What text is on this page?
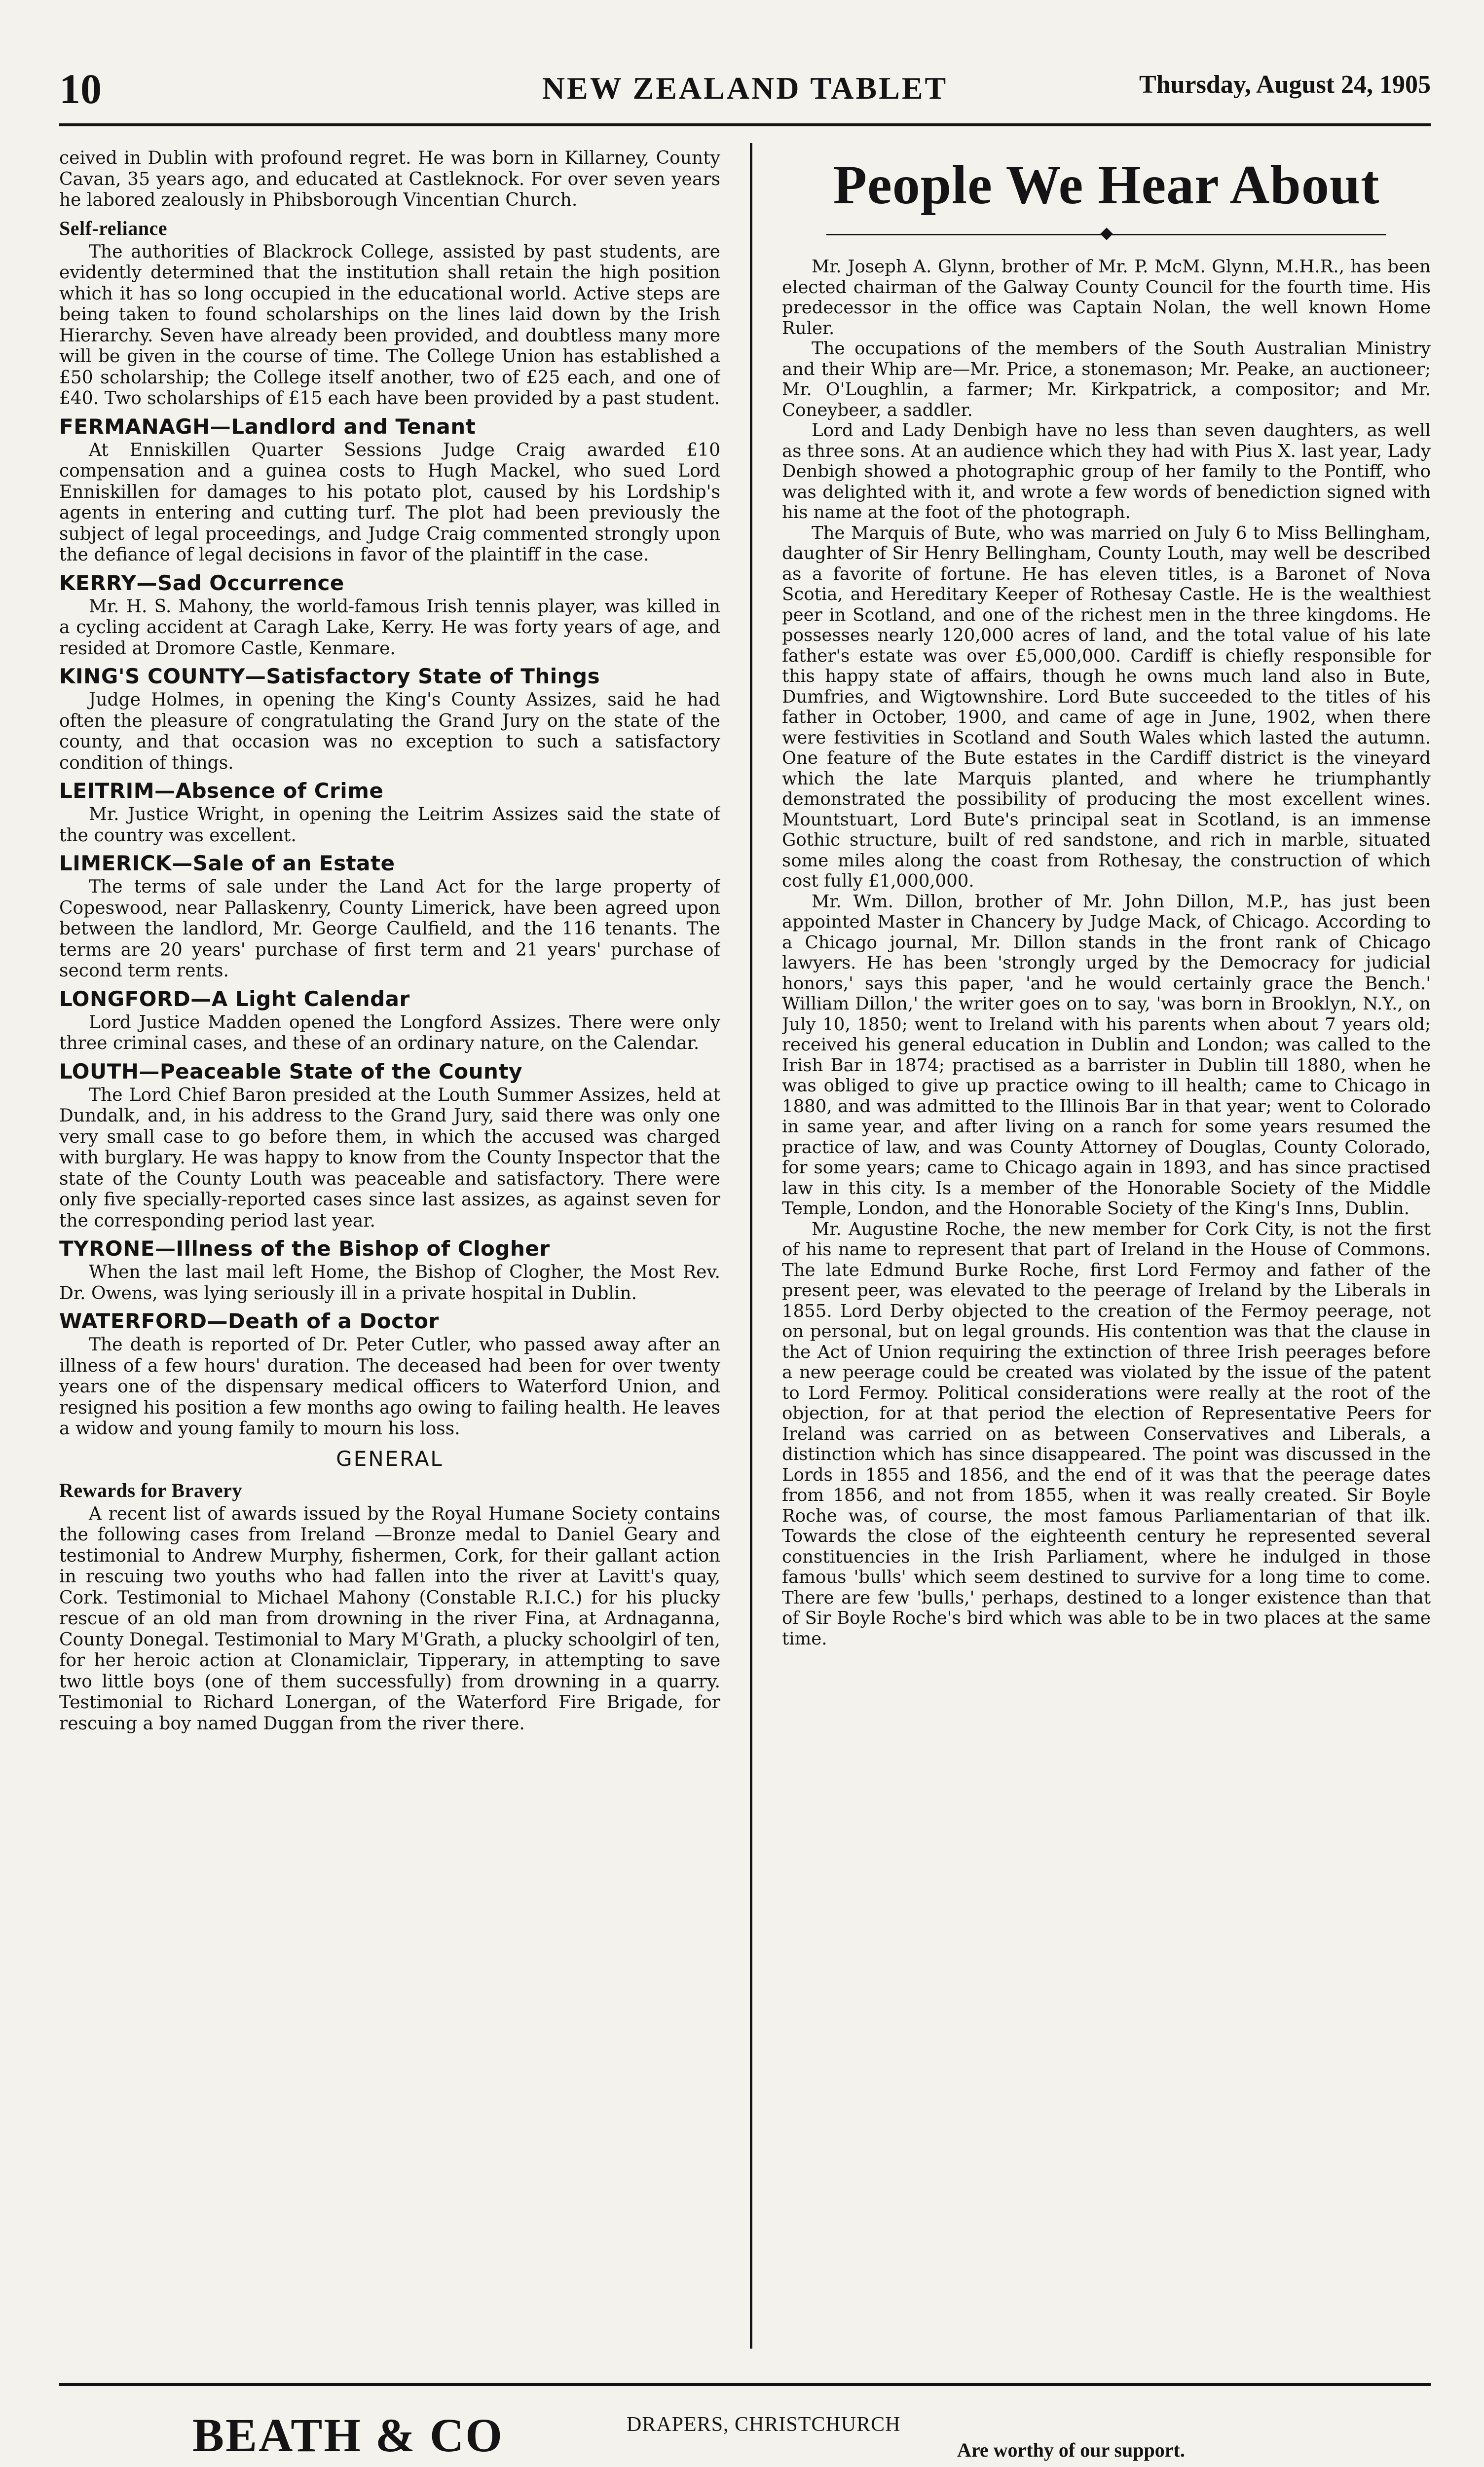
10	NEW ZEALAND TABLET	Thursday, August 24, 1905

ceived in Dublin with profound regret. He was born in Killarney, County Cavan, 35 years ago, and educated at Castleknock. For over seven years he labored zealously in Phibsborough Vincentian Church.

Self-reliance

The authorities of Blackrock College, assisted by past students, are evidently determined that the institution shall retain the high position which it has so long occupied in the educational world. Active steps are being taken to found scholarships on the lines laid down by the Irish Hierarchy. Seven have already been provided, and doubtless many more will be given in the course of time. The College Union has established a £50 scholarship; the College itself another, two of £25 each, and one of £40. Two scholarships of £15 each have been provided by a past student.

FERMANAGH—Landlord and Tenant

At Enniskillen Quarter Sessions Judge Craig awarded £10 compensation and a guinea costs to Hugh Mackel, who sued Lord Enniskillen for damages to his potato plot, caused by his Lordship's agents in entering and cutting turf. The plot had been previously the subject of legal proceedings, and Judge Craig commented strongly upon the defiance of legal decisions in favor of the plaintiff in the case.

KERRY—Sad Occurrence

Mr. H. S. Mahony, the world-famous Irish tennis player, was killed in a cycling accident at Caragh Lake, Kerry. He was forty years of age, and resided at Dromore Castle, Kenmare.

KING'S COUNTY—Satisfactory State of Things

Judge Holmes, in opening the King's County Assizes, said he had often the pleasure of congratulating the Grand Jury on the state of the county, and that occasion was no exception to such a satisfactory condition of things.

LEITRIM—Absence of Crime

Mr. Justice Wright, in opening the Leitrim Assizes said the state of the country was excellent.

LIMERICK—Sale of an Estate

The terms of sale under the Land Act for the large property of Copeswood, near Pallaskenry, County Limerick, have been agreed upon between the landlord, Mr. George Caulfield, and the 116 tenants. The terms are 20 years' purchase of first term and 21 years' purchase of second term rents.

LONGFORD—A Light Calendar

Lord Justice Madden opened the Longford Assizes. There were only three criminal cases, and these of an ordinary nature, on the Calendar.

LOUTH—Peaceable State of the County

The Lord Chief Baron presided at the Louth Summer Assizes, held at Dundalk, and, in his address to the Grand Jury, said there was only one very small case to go before them, in which the accused was charged with burglary. He was happy to know from the County Inspector that the state of the County Louth was peaceable and satisfactory. There were only five specially-reported cases since last assizes, as against seven for the corresponding period last year.

TYRONE—Illness of the Bishop of Clogher

When the last mail left Home, the Bishop of Clogher, the Most Rev. Dr. Owens, was lying seriously ill in a private hospital in Dublin.

WATERFORD—Death of a Doctor

The death is reported of Dr. Peter Cutler, who passed away after an illness of a few hours' duration. The deceased had been for over twenty years one of the dispensary medical officers to Waterford Union, and resigned his position a few months ago owing to failing health. He leaves a widow and young family to mourn his loss.

GENERAL
Rewards for Bravery

A recent list of awards issued by the Royal Humane Society contains the following cases from Ireland —Bronze medal to Daniel Geary and testimonial to Andrew Murphy, fishermen, Cork, for their gallant action in rescuing two youths who had fallen into the river at Lavitt's quay, Cork. Testimonial to Michael Mahony (Constable R.I.C.) for his plucky rescue of an old man from drowning in the river Fina, at Ardnaganna, County Donegal. Testimonial to Mary M'Grath, a plucky schoolgirl of ten, for her heroic action at Clonamiclair, Tipperary, in attempting to save two little boys (one of them successfully) from drowning in a quarry. Testimonial to Richard Lonergan, of the Waterford Fire Brigade, for rescuing a boy named Duggan from the river there.

People We Hear About

Mr. Joseph A. Glynn, brother of Mr. P. McM. Glynn, M.H.R., has been elected chairman of the Galway County Council for the fourth time. His predecessor in the office was Captain Nolan, the well known Home Ruler.

The occupations of the members of the South Australian Ministry and their Whip are—Mr. Price, a stonemason; Mr. Peake, an auctioneer; Mr. O'Loughlin, a farmer; Mr. Kirkpatrick, a compositor; and Mr. Coneybeer, a saddler.

Lord and Lady Denbigh have no less than seven daughters, as well as three sons. At an audience which they had with Pius X. last year, Lady Denbigh showed a photographic group of her family to the Pontiff, who was delighted with it, and wrote a few words of benediction signed with his name at the foot of the photograph.

The Marquis of Bute, who was married on July 6 to Miss Bellingham, daughter of Sir Henry Bellingham, County Louth, may well be described as a favorite of fortune. He has eleven titles, is a Baronet of Nova Scotia, and Hereditary Keeper of Rothesay Castle. He is the wealthiest peer in Scotland, and one of the richest men in the three kingdoms. He possesses nearly 120,000 acres of land, and the total value of his late father's estate was over £5,000,000. Cardiff is chiefly responsible for this happy state of affairs, though he owns much land also in Bute, Dumfries, and Wigtownshire. Lord Bute succeeded to the titles of his father in October, 1900, and came of age in June, 1902, when there were festivities in Scotland and South Wales which lasted the autumn. One feature of the Bute estates in the Cardiff district is the vineyard which the late Marquis planted, and where he triumphantly demonstrated the possibility of producing the most excellent wines. Mountstuart, Lord Bute's principal seat in Scotland, is an immense Gothic structure, built of red sandstone, and rich in marble, situated some miles along the coast from Rothesay, the construction of which cost fully £1,000,000.

Mr. Wm. Dillon, brother of Mr. John Dillon, M.P., has just been appointed Master in Chancery by Judge Mack, of Chicago. According to a Chicago journal, Mr. Dillon stands in the front rank of Chicago lawyers. He has been 'strongly urged by the Democracy for judicial honors,' says this paper, 'and he would certainly grace the Bench.' William Dillon,' the writer goes on to say, 'was born in Brooklyn, N.Y., on July 10, 1850; went to Ireland with his parents when about 7 years old; received his general education in Dublin and London; was called to the Irish Bar in 1874; practised as a barrister in Dublin till 1880, when he was obliged to give up practice owing to ill health; came to Chicago in 1880, and was admitted to the Illinois Bar in that year; went to Colorado in same year, and after living on a ranch for some years resumed the practice of law, and was County Attorney of Douglas, County Colorado, for some years; came to Chicago again in 1893, and has since practised law in this city. Is a member of the Honorable Society of the Middle Temple, London, and the Honorable Society of the King's Inns, Dublin.

Mr. Augustine Roche, the new member for Cork City, is not the first of his name to represent that part of Ireland in the House of Commons. The late Edmund Burke Roche, first Lord Fermoy and father of the present peer, was elevated to the peerage of Ireland by the Liberals in 1855. Lord Derby objected to the creation of the Fermoy peerage, not on personal, but on legal grounds. His contention was that the clause in the Act of Union requiring the extinction of three Irish peerages before a new peerage could be created was violated by the issue of the patent to Lord Fermoy. Political considerations were really at the root of the objection, for at that period the election of Representative Peers for Ireland was carried on as between Conservatives and Liberals, a distinction which has since disappeared. The point was discussed in the Lords in 1855 and 1856, and the end of it was that the peerage dates from 1856, and not from 1855, when it was really created. Sir Boyle Roche was, of course, the most famous Parliamentarian of that ilk. Towards the close of the eighteenth century he represented several constituencies in the Irish Parliament, where he indulged in those famous 'bulls' which seem destined to survive for a long time to come. There are few 'bulls,' perhaps, destined to a longer existence than that of Sir Boyle Roche's bird which was able to be in two places at the same time.

BEATH & CO	DRAPERS, CHRISTCHURCH
Are worthy of our support.
